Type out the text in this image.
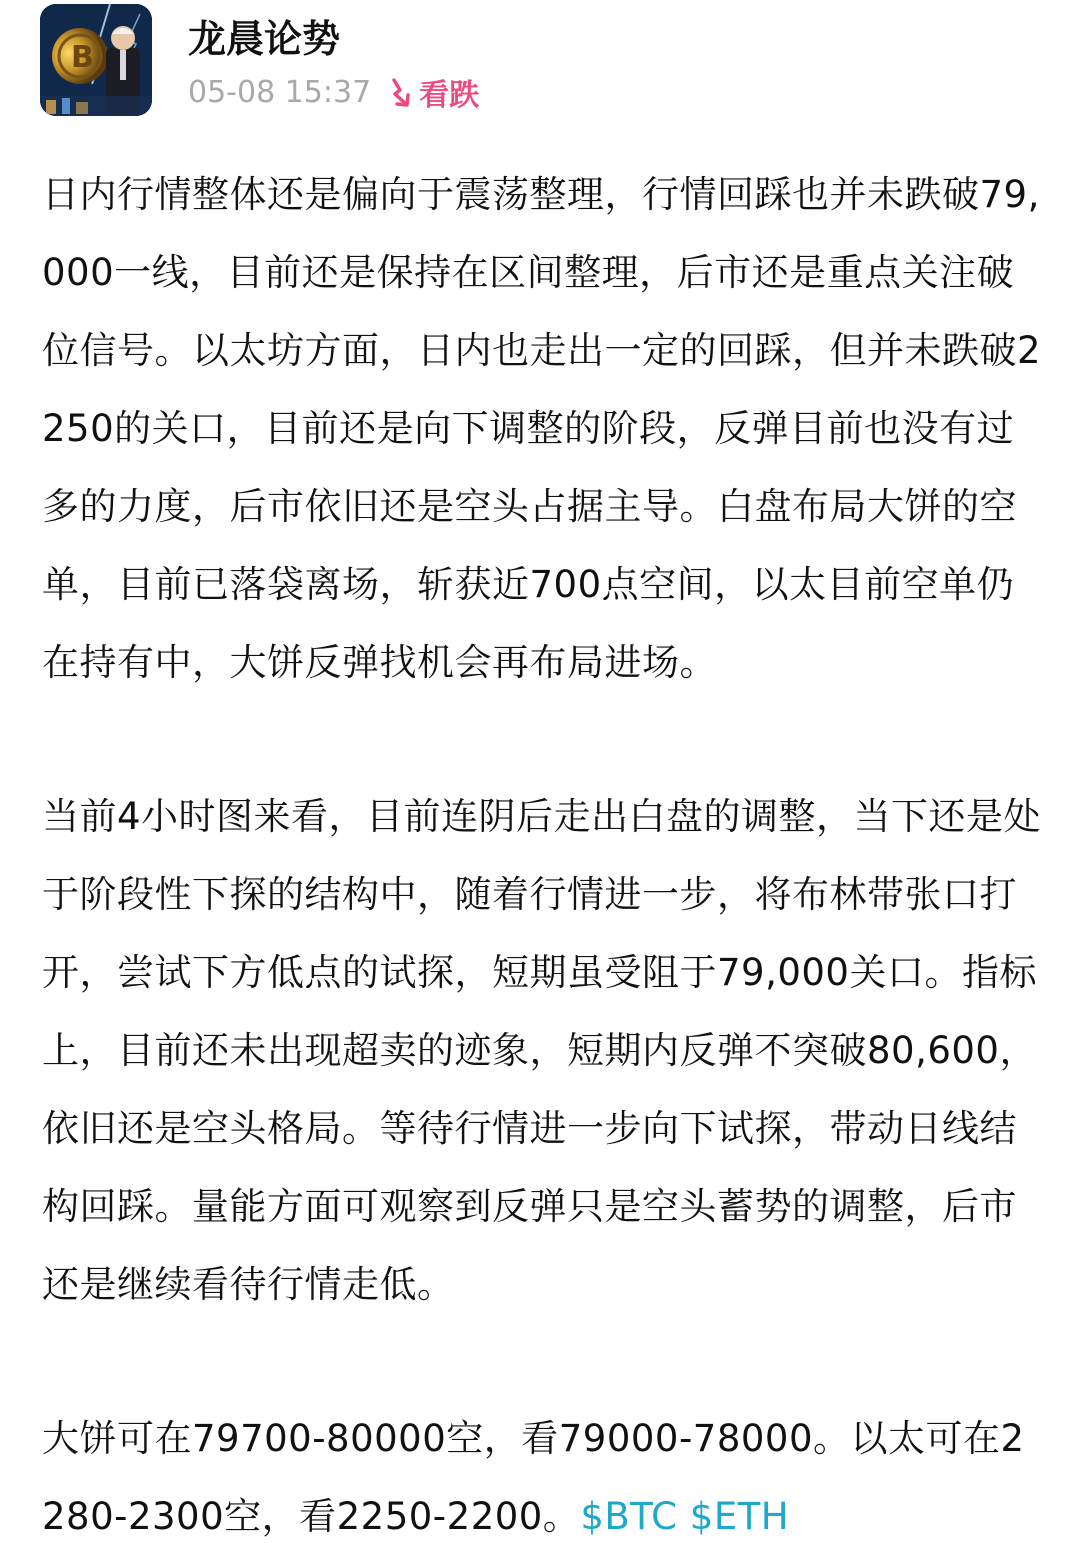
B 龙晨论势
05-08 15:37 看跌

日内行情整体还是偏向于震荡整理，行情回踩也并未跌破79,000一线，目前还是保持在区间整理，后市还是重点关注破位信号。以太坊方面，日内也走出一定的回踩，但并未跌破2250的关口，目前还是向下调整的阶段，反弹目前也没有过多的力度，后市依旧还是空头占据主导。白盘布局大饼的空单，目前已落袋离场，斩获近700点空间，以太目前空单仍在持有中，大饼反弹找机会再布局进场。

当前4小时图来看，目前连阴后走出白盘的调整，当下还是处于阶段性下探的结构中，随着行情进一步，将布林带张口打开，尝试下方低点的试探，短期虽受阻于79,000关口。指标上，目前还未出现超卖的迹象，短期内反弹不突破80,600，依旧还是空头格局。等待行情进一步向下试探，带动日线结构回踩。量能方面可观察到反弹只是空头蓄势的调整，后市还是继续看待行情走低。

大饼可在79700-80000空，看79000-78000。以太可在2280-2300空，看2250-2200。$BTC $ETH
